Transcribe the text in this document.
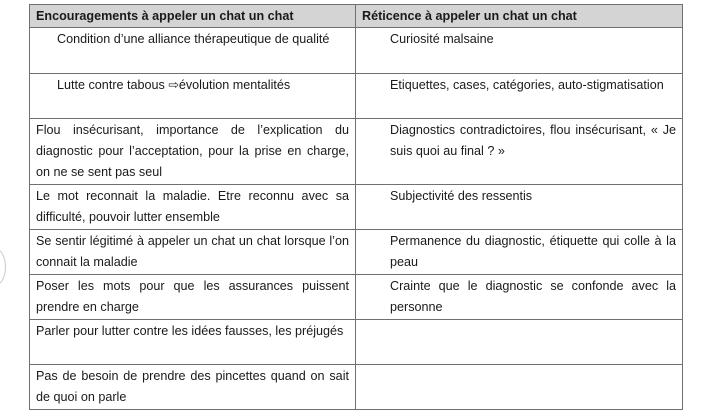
Encouragements à appeler un chat un chat	Réticence à appeler un chat un chat
Condition d’une alliance thérapeutique de qualité	Curiosité malsaine
Lutte contre tabous ⇨évolution mentalités	Etiquettes, cases, catégories, auto-stigmatisation
Flou insécurisant, importance de l’explication du diagnostic pour l’acceptation, pour la prise en charge, on ne se sent pas seul	Diagnostics contradictoires, flou insécurisant, « Je suis quoi au final ? »
Le mot reconnait la maladie. Etre reconnu avec sa difficulté, pouvoir lutter ensemble	Subjectivité des ressentis
Se sentir légitimé à appeler un chat un chat lorsque l’on connait la maladie	Permanence du diagnostic, étiquette qui colle à la peau
Poser les mots pour que les assurances puissent prendre en charge	Crainte que le diagnostic se confonde avec la personne
Parler pour lutter contre les idées fausses, les préjugés	
Pas de besoin de prendre des pincettes quand on sait de quoi on parle	
